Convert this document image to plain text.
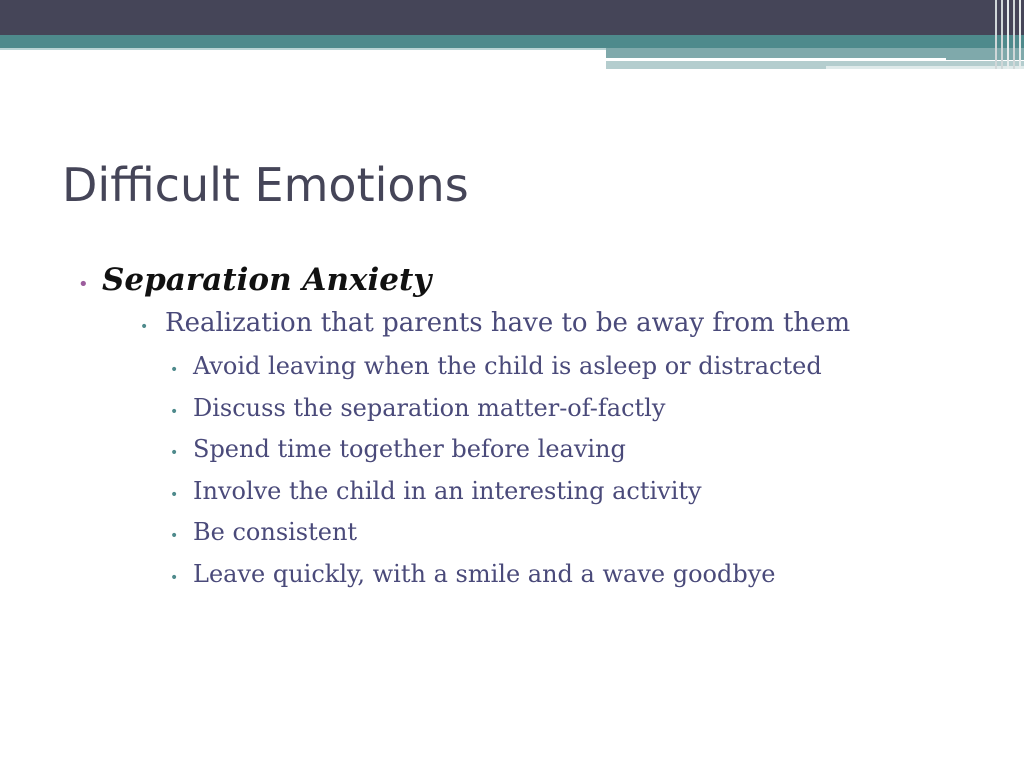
Difficult Emotions
• Separation Anxiety
• Realization that parents have to be away from them
• Avoid leaving when the child is asleep or distracted
• Discuss the separation matter-of-factly
• Spend time together before leaving
• Involve the child in an interesting activity
• Be consistent
• Leave quickly, with a smile and a wave goodbye
